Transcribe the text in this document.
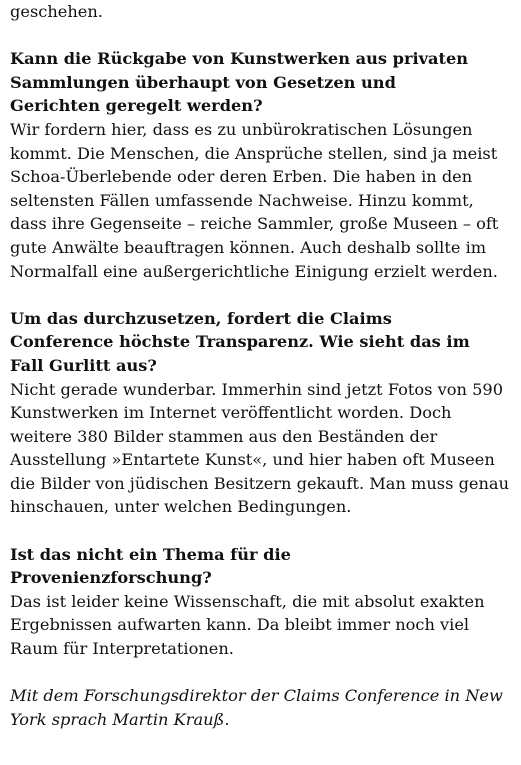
geschehen.

Kann die Rückgabe von Kunstwerken aus privaten

Sammlungen überhaupt von Gesetzen und

Gerichten geregelt werden?

Wir fordern hier, dass es zu unbürokratischen Lösungen

kommt. Die Menschen, die Ansprüche stellen, sind ja meist

Schoa-Überlebende oder deren Erben. Die haben in den

seltensten Fällen umfassende Nachweise. Hinzu kommt,

dass ihre Gegenseite – reiche Sammler, große Museen – oft

gute Anwälte beauftragen können. Auch deshalb sollte im

Normalfall eine außergerichtliche Einigung erzielt werden.

Um das durchzusetzen, fordert die Claims

Conference höchste Transparenz. Wie sieht das im

Fall Gurlitt aus?

Nicht gerade wunderbar. Immerhin sind jetzt Fotos von 590

Kunstwerken im Internet veröffentlicht worden. Doch

weitere 380 Bilder stammen aus den Beständen der

Ausstellung »Entartete Kunst«, und hier haben oft Museen

die Bilder von jüdischen Besitzern gekauft. Man muss genau

hinschauen, unter welchen Bedingungen.

Ist das nicht ein Thema für die

Provenienzforschung?

Das ist leider keine Wissenschaft, die mit absolut exakten

Ergebnissen aufwarten kann. Da bleibt immer noch viel

Raum für Interpretationen.

Mit dem Forschungsdirektor der Claims Conference in New

York sprach Martin Krauß.
